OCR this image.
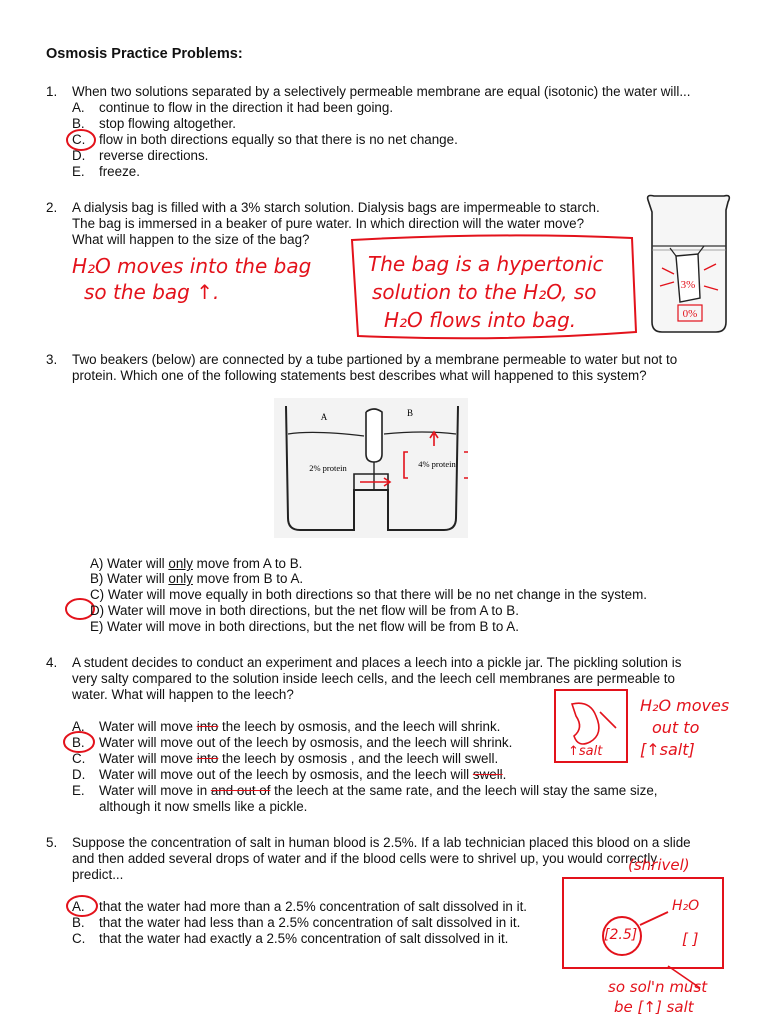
Osmosis Practice Problems:
1. When two solutions separated by a selectively permeable membrane are equal (isotonic) the water will...
A. continue to flow in the direction it had been going.
B. stop flowing altogether.
C. flow in both directions equally so that there is no net change.
D. reverse directions.
E. freeze.
2. A dialysis bag is filled with a 3% starch solution. Dialysis bags are impermeable to starch.
The bag is immersed in a beaker of pure water. In which direction will the water move?
What will happen to the size of the bag?
H₂O moves into the bag
so the bag ↑.
The bag is a hypertonic
solution to the H₂O, so
H₂O flows into bag.
3%
0%
3. Two beakers (below) are connected by a tube partioned by a membrane permeable to water but not to
protein. Which one of the following statements best describes what will happened to this system?
A	B
2% protein	4% protein
A) Water will only move from A to B.
B) Water will only move from B to A.
C) Water will move equally in both directions so that there will be no net change in the system.
D) Water will move in both directions, but the net flow will be from A to B.
E) Water will move in both directions, but the net flow will be from B to A.
4. A student decides to conduct an experiment and places a leech into a pickle jar. The pickling solution is
very salty compared to the solution inside leech cells, and the leech cell membranes are permeable to
water. What will happen to the leech?
A. Water will move into the leech by osmosis, and the leech will shrink.
B. Water will move out of the leech by osmosis, and the leech will shrink.
C. Water will move into the leech by osmosis , and the leech will swell.
D. Water will move out of the leech by osmosis, and the leech will swell.
E. Water will move in and out of the leech at the same rate, and the leech will stay the same size,
although it now smells like a pickle.
↑salt
H₂O moves
out to
[↑salt]
5. Suppose the concentration of salt in human blood is 2.5%. If a lab technician placed this blood on a slide
and then added several drops of water and if the blood cells were to shrivel up, you would correctly
predict...
A. that the water had more than a 2.5% concentration of salt dissolved in it.
B. that the water had less than a 2.5% concentration of salt dissolved in it.
C. that the water had exactly a 2.5% concentration of salt dissolved in it.
(shrivel)
H₂O
[2.5]	[ ]
so sol'n must
be [↑] salt
